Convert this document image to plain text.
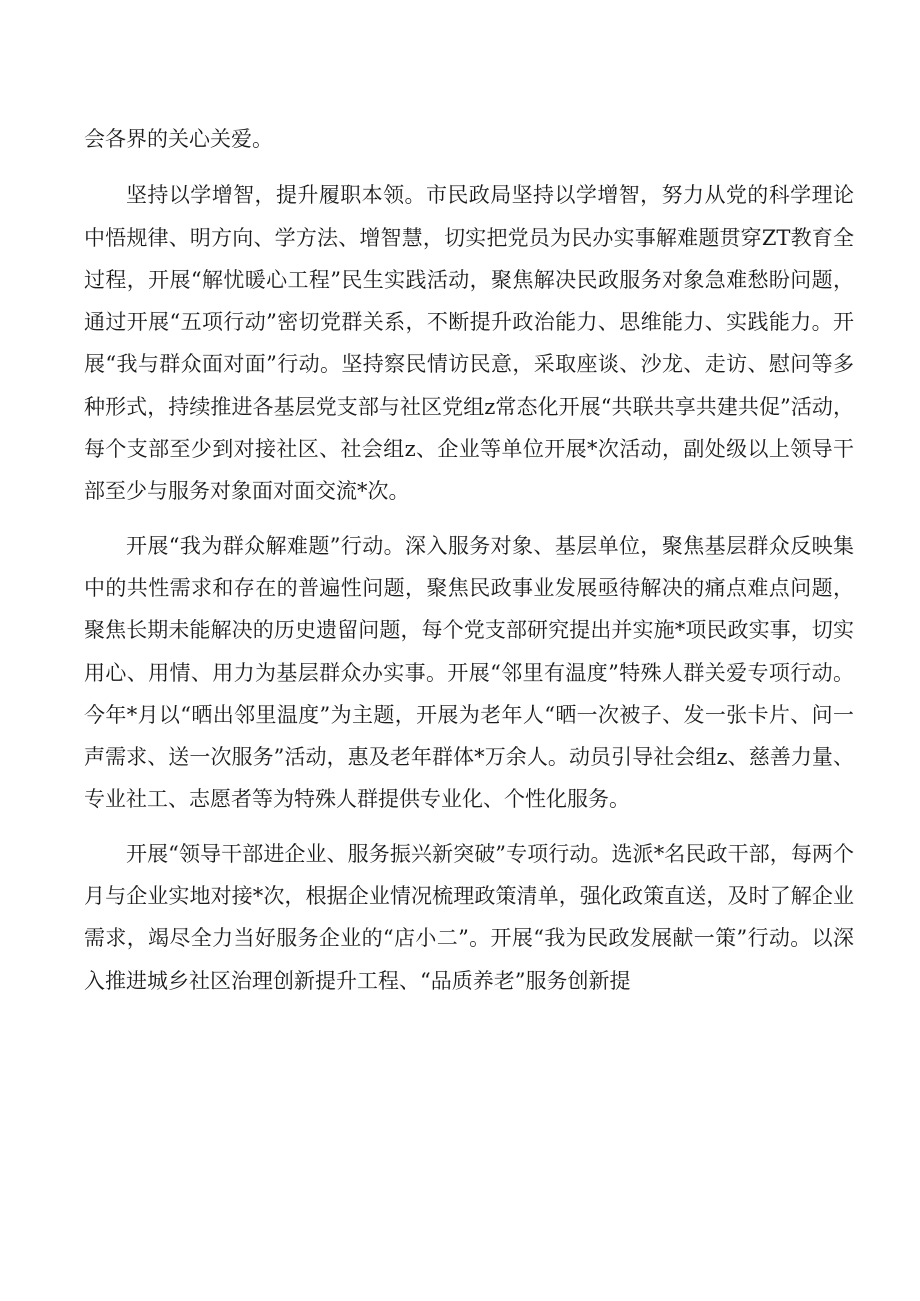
会各界的关心关爱。

坚持以学增智，提升履职本领。市民政局坚持以学增智，努力从党的科学理论中悟规律、明方向、学方法、增智慧，切实把党员为民办实事解难题贯穿ZT教育全过程，开展“解忧暖心工程”民生实践活动，聚焦解决民政服务对象急难愁盼问题，通过开展“五项行动”密切党群关系，不断提升政治能力、思维能力、实践能力。开展“我与群众面对面”行动。坚持察民情访民意，采取座谈、沙龙、走访、慰问等多种形式，持续推进各基层党支部与社区党组z常态化开展“共联共享共建共促”活动，每个支部至少到对接社区、社会组z、企业等单位开展*次活动，副处级以上领导干部至少与服务对象面对面交流*次。

开展“我为群众解难题”行动。深入服务对象、基层单位，聚焦基层群众反映集中的共性需求和存在的普遍性问题，聚焦民政事业发展亟待解决的痛点难点问题，聚焦长期未能解决的历史遗留问题，每个党支部研究提出并实施*项民政实事，切实用心、用情、用力为基层群众办实事。开展“邻里有温度”特殊人群关爱专项行动。今年*月以“晒出邻里温度”为主题，开展为老年人“晒一次被子、发一张卡片、问一声需求、送一次服务”活动，惠及老年群体*万余人。动员引导社会组z、慈善力量、专业社工、志愿者等为特殊人群提供专业化、个性化服务。

开展“领导干部进企业、服务振兴新突破”专项行动。选派*名民政干部，每两个月与企业实地对接*次，根据企业情况梳理政策清单，强化政策直送，及时了解企业需求，竭尽全力当好服务企业的“店小二”。开展“我为民政发展献一策”行动。以深入推进城乡社区治理创新提升工程、“品质养老”服务创新提
